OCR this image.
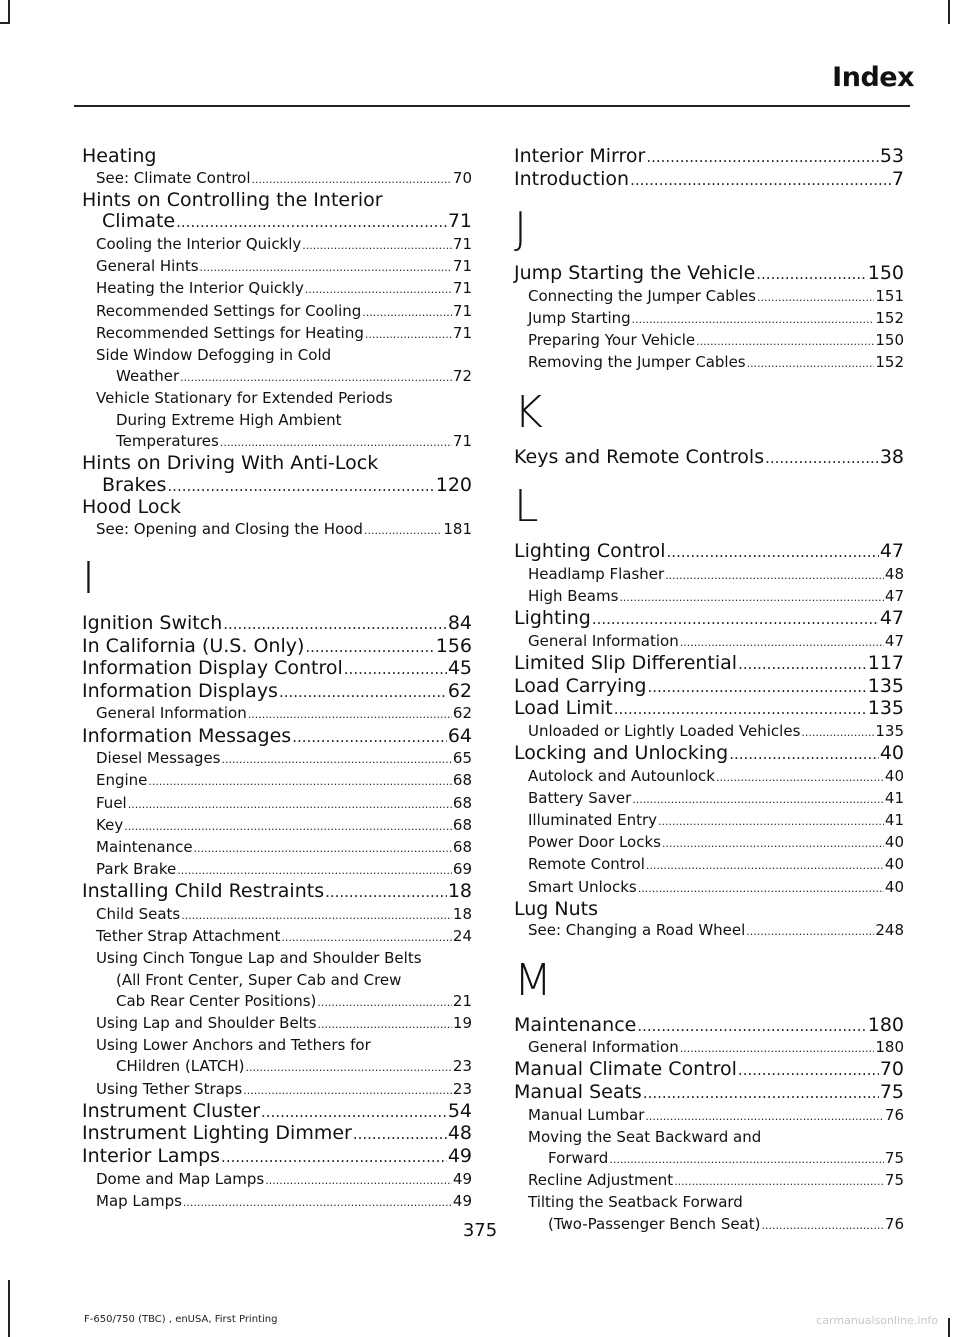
Index
Heating
See: Climate Control .....	70
Hints on Controlling the Interior
Climate .....	71
Cooling the Interior Quickly .....	71
General Hints .....	71
Heating the Interior Quickly .....	71
Recommended Settings for Cooling .....	71
Recommended Settings for Heating .....	71
Side Window Defogging in Cold
Weather .....	72
Vehicle Stationary for Extended Periods
During Extreme High Ambient
Temperatures .....	71
Hints on Driving With Anti-Lock
Brakes .....	120
Hood Lock
See: Opening and Closing the Hood .....	181
I
Ignition Switch .....	84
In California (U.S. Only) .....	156
Information Display Control .....	45
Information Displays .....	62
General Information .....	62
Information Messages .....	64
Diesel Messages .....	65
Engine .....	68
Fuel .....	68
Key .....	68
Maintenance .....	68
Park Brake .....	69
Installing Child Restraints .....	18
Child Seats .....	18
Tether Strap Attachment .....	24
Using Cinch Tongue Lap and Shoulder Belts
(All Front Center, Super Cab and Crew
Cab Rear Center Positions) .....	21
Using Lap and Shoulder Belts .....	19
Using Lower Anchors and Tethers for
CHildren (LATCH) .....	23
Using Tether Straps .....	23
Instrument Cluster .....	54
Instrument Lighting Dimmer .....	48
Interior Lamps .....	49
Dome and Map Lamps .....	49
Map Lamps .....	49
Interior Mirror .....	53
Introduction .....	7
J
Jump Starting the Vehicle .....	150
Connecting the Jumper Cables .....	151
Jump Starting .....	152
Preparing Your Vehicle .....	150
Removing the Jumper Cables .....	152
K
Keys and Remote Controls .....	38
L
Lighting Control .....	47
Headlamp Flasher .....	48
High Beams .....	47
Lighting .....	47
General Information .....	47
Limited Slip Differential .....	117
Load Carrying .....	135
Load Limit .....	135
Unloaded or Lightly Loaded Vehicles .....	135
Locking and Unlocking .....	40
Autolock and Autounlock .....	40
Battery Saver .....	41
Illuminated Entry .....	41
Power Door Locks .....	40
Remote Control .....	40
Smart Unlocks .....	40
Lug Nuts
See: Changing a Road Wheel .....	248
M
Maintenance .....	180
General Information .....	180
Manual Climate Control .....	70
Manual Seats .....	75
Manual Lumbar .....	76
Moving the Seat Backward and
Forward .....	75
Recline Adjustment .....	75
Tilting the Seatback Forward
(Two-Passenger Bench Seat) .....	76
375
F-650/750 (TBC) , enUSA, First Printing	carmanualsonline.info
